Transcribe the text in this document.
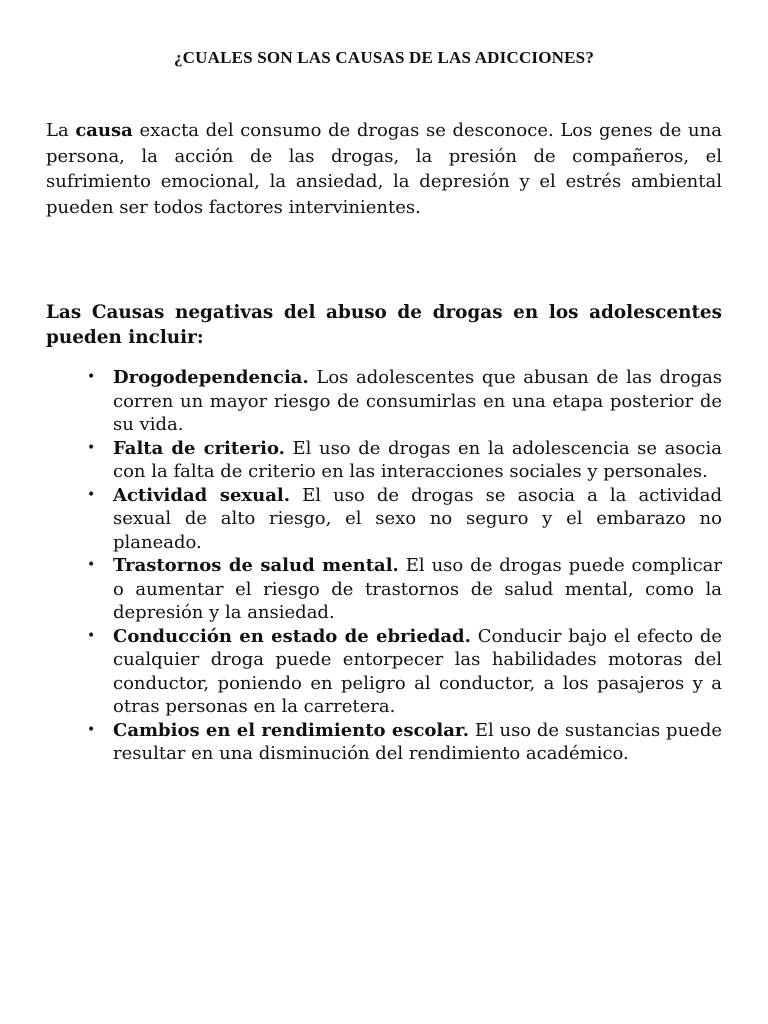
¿CUALES SON LAS CAUSAS DE LAS ADICCIONES?

La causa exacta del consumo de drogas se desconoce. Los genes de una persona, la acción de las drogas, la presión de compañeros, el sufrimiento emocional, la ansiedad, la depresión y el estrés ambiental pueden ser todos factores intervinientes.

Las Causas negativas del abuso de drogas en los adolescentes pueden incluir:

• Drogodependencia. Los adolescentes que abusan de las drogas corren un mayor riesgo de consumirlas en una etapa posterior de su vida.
• Falta de criterio. El uso de drogas en la adolescencia se asocia con la falta de criterio en las interacciones sociales y personales.
• Actividad sexual. El uso de drogas se asocia a la actividad sexual de alto riesgo, el sexo no seguro y el embarazo no planeado.
• Trastornos de salud mental. El uso de drogas puede complicar o aumentar el riesgo de trastornos de salud mental, como la depresión y la ansiedad.
• Conducción en estado de ebriedad. Conducir bajo el efecto de cualquier droga puede entorpecer las habilidades motoras del conductor, poniendo en peligro al conductor, a los pasajeros y a otras personas en la carretera.
• Cambios en el rendimiento escolar. El uso de sustancias puede resultar en una disminución del rendimiento académico.
